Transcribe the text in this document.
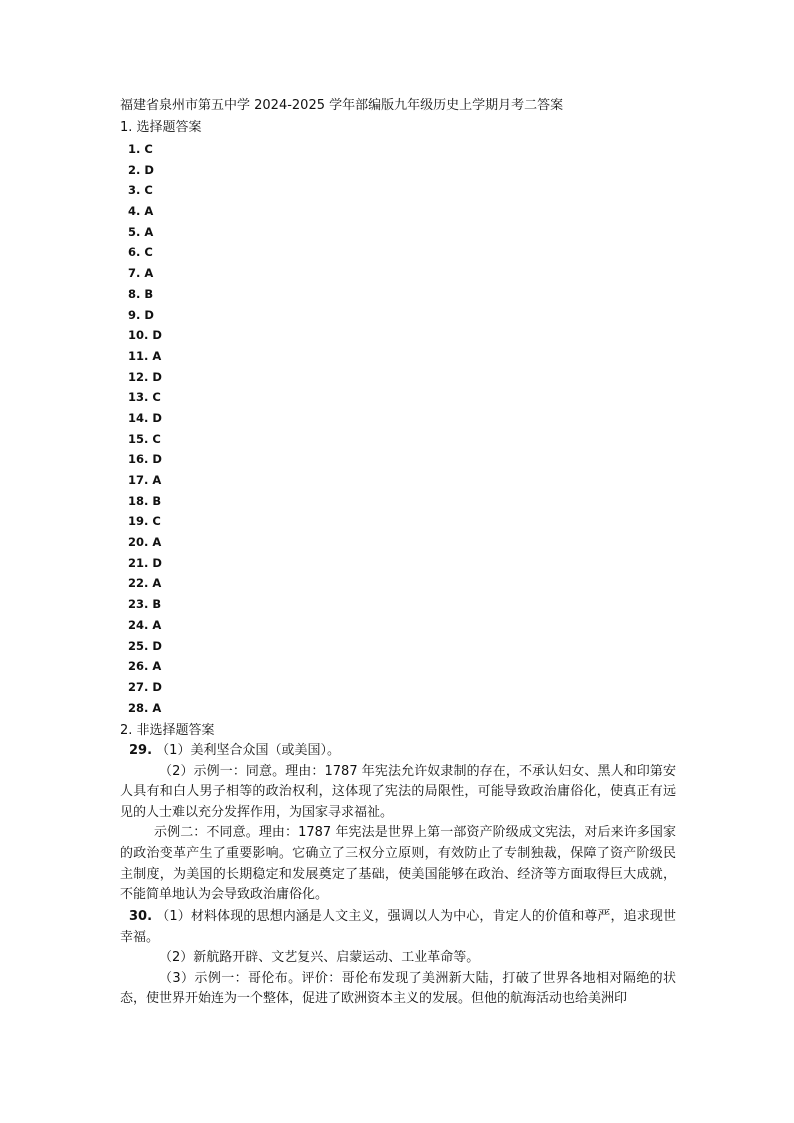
福建省泉州市第五中学 2024-2025 学年部编版九年级历史上学期月考二答案
1. 选择题答案
1. C
2. D
3. C
4. A
5. A
6. C
7. A
8. B
9. D
10. D
11. A
12. D
13. C
14. D
15. C
16. D
17. A
18. B
19. C
20. A
21. D
22. A
23. B
24. A
25. D
26. A
27. D
28. A
2. 非选择题答案

29. （1）美利坚合众国（或美国）。

（2）示例一：同意。理由：1787 年宪法允许奴隶制的存在，不承认妇女、黑人和印第安人具有和白人男子相等的政治权利，这体现了宪法的局限性，可能导致政治庸俗化，使真正有远见的人士难以充分发挥作用，为国家寻求福祉。

示例二：不同意。理由：1787 年宪法是世界上第一部资产阶级成文宪法，对后来许多国家的政治变革产生了重要影响。它确立了三权分立原则，有效防止了专制独裁，保障了资产阶级民主制度，为美国的长期稳定和发展奠定了基础，使美国能够在政治、经济等方面取得巨大成就，不能简单地认为会导致政治庸俗化。

30. （1）材料体现的思想内涵是人文主义，强调以人为中心，肯定人的价值和尊严，追求现世幸福。

（2）新航路开辟、文艺复兴、启蒙运动、工业革命等。

（3）示例一：哥伦布。评价：哥伦布发现了美洲新大陆，打破了世界各地相对隔绝的状态，使世界开始连为一个整体，促进了欧洲资本主义的发展。但他的航海活动也给美洲印
